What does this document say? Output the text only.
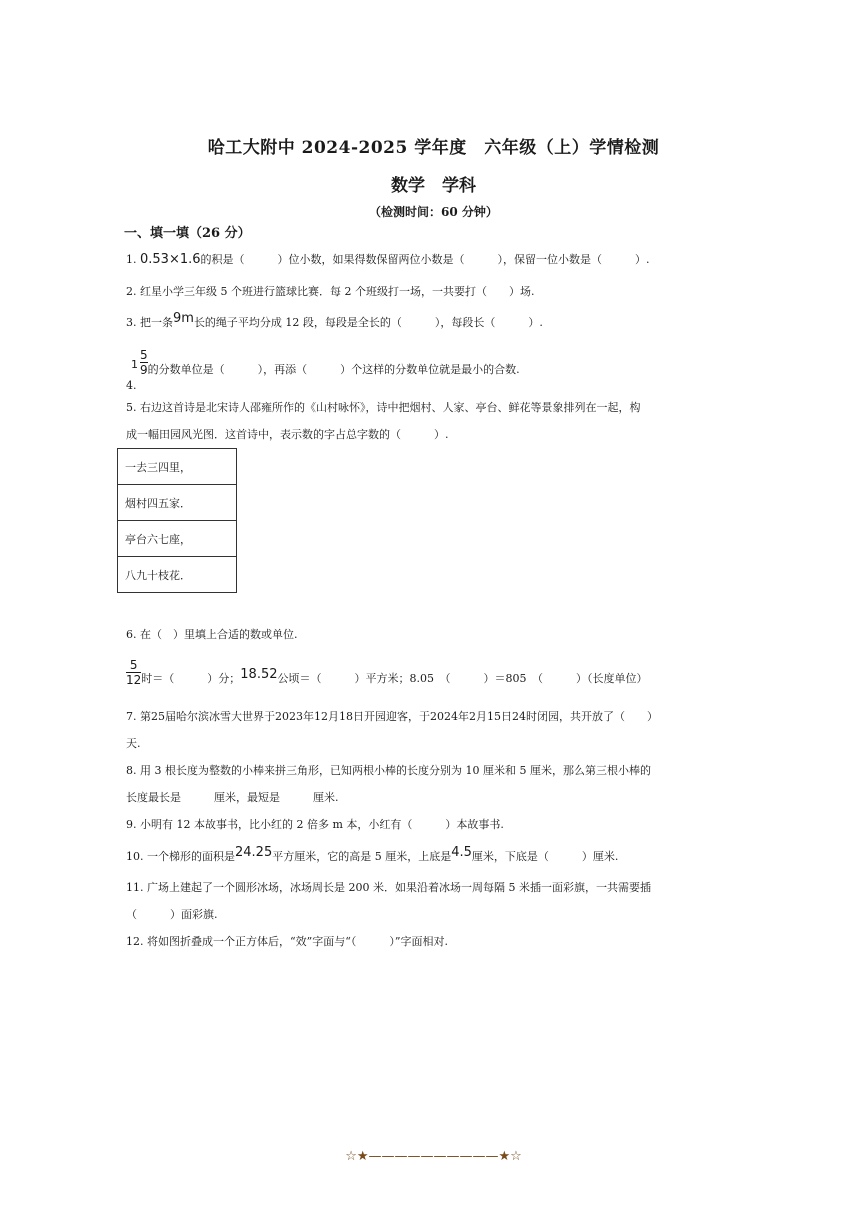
哈工大附中 2024-2025 学年度　六年级（上）学情检测
数学　学科
（检测时间：60 分钟）
一、填一填（26 分）
1. 0.53×1.6的积是（　　　）位小数，如果得数保留两位小数是（　　　），保留一位小数是（　　　）.
2. 红星小学三年级 5 个班进行篮球比赛．每 2 个班级打一场，一共要打（　　）场.
3. 把一条9m长的绳子平均分成 12 段，每段是全长的（　　　），每段长（　　　）.
4.
1
5
9 的分数单位是（　　　），再添（　　　）个这样的分数单位就是最小的合数.
5. 右边这首诗是北宋诗人邵雍所作的《山村咏怀》，诗中把烟村、人家、亭台、鲜花等景象排列在一起，构
成一幅田园风光图．这首诗中，表示数的字占总字数的（　　　）.
一去三四里，
烟村四五家．
亭台六七座，
八九十枝花．
6. 在（　）里填上合适的数或单位.
$\frac{5}{12}$ 时＝（　　　）分；18.52公顷＝（　　　）平方米；8.05　（　　　）＝805　（　　　）（长度单位）
7. 第25届哈尔滨冰雪大世界于2023年12月18日开园迎客，于2024年2月15日24时闭园，共开放了（　　）
天.
8. 用 3 根长度为整数的小棒来拼三角形，已知两根小棒的长度分别为 10 厘米和 5 厘米，那么第三根小棒的
长度最长是　　　厘米，最短是　　　厘米.
9. 小明有 12 本故事书，比小红的 2 倍多 m 本，小红有（　　　）本故事书.
10. 一个梯形的面积是24.25平方厘米，它的高是 5 厘米，上底是4.5厘米，下底是（　　　）厘米.
11. 广场上建起了一个圆形冰场，冰场周长是 200 米．如果沿着冰场一周每隔 5 米插一面彩旗，一共需要插
（　　　）面彩旗.
12. 将如图折叠成一个正方体后，“效”字面与“（　　　）”字面相对.
☆★——————————★☆
